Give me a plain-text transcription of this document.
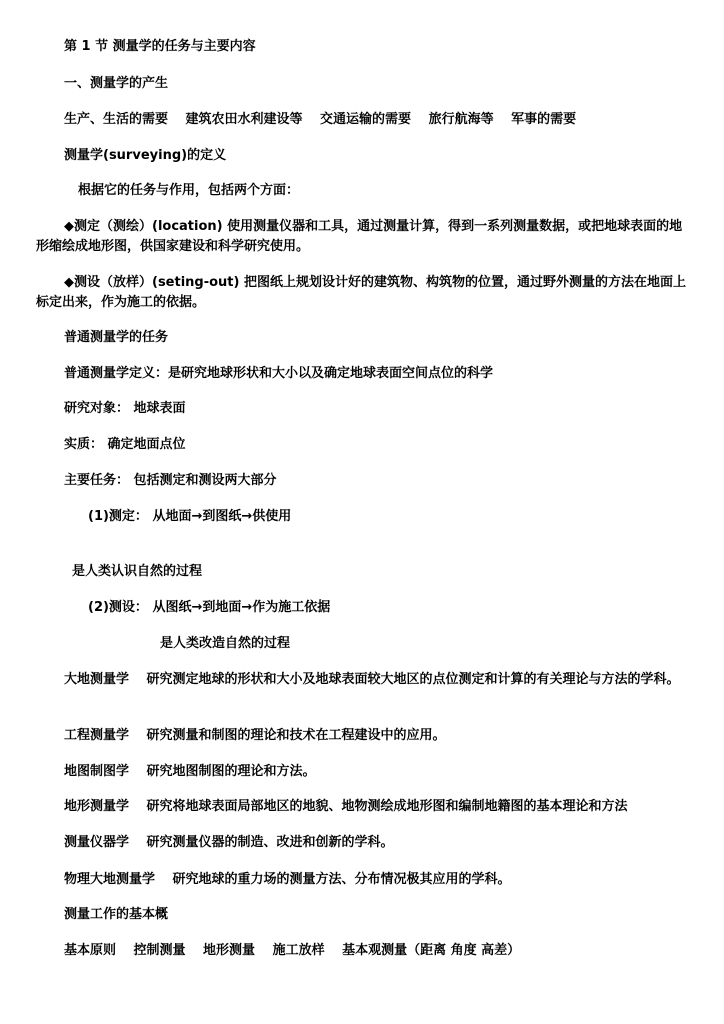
第 1 节 测量学的任务与主要内容
一、测量学的产生
生产、生活的需要　 建筑农田水利建设等　 交通运输的需要　 旅行航海等　 军事的需要
测量学(surveying)的定义
根据它的任务与作用，包括两个方面：
◆测定（测绘）(location) 使用测量仪器和工具，通过测量计算，得到一系列测量数据，或把地球表面的地形缩绘成地形图，供国家建设和科学研究使用。
◆测设（放样）(seting-out) 把图纸上规划设计好的建筑物、构筑物的位置，通过野外测量的方法在地面上标定出来，作为施工的依据。
普通测量学的任务
普通测量学定义：是研究地球形状和大小以及确定地球表面空间点位的科学
研究对象： 地球表面
实质： 确定地面点位
主要任务： 包括测定和测设两大部分
(1)测定： 从地面→到图纸→供使用
是人类认识自然的过程
(2)测设： 从图纸→到地面→作为施工依据
是人类改造自然的过程
大地测量学　 研究测定地球的形状和大小及地球表面较大地区的点位测定和计算的有关理论与方法的学科。
工程测量学　 研究测量和制图的理论和技术在工程建设中的应用。
地图制图学　 研究地图制图的理论和方法。
地形测量学　 研究将地球表面局部地区的地貌、地物测绘成地形图和编制地籍图的基本理论和方法
测量仪器学　 研究测量仪器的制造、改进和创新的学科。
物理大地测量学　 研究地球的重力场的测量方法、分布情况极其应用的学科。
测量工作的基本概
基本原则　 控制测量　 地形测量　 施工放样　 基本观测量（距离 角度 高差）
